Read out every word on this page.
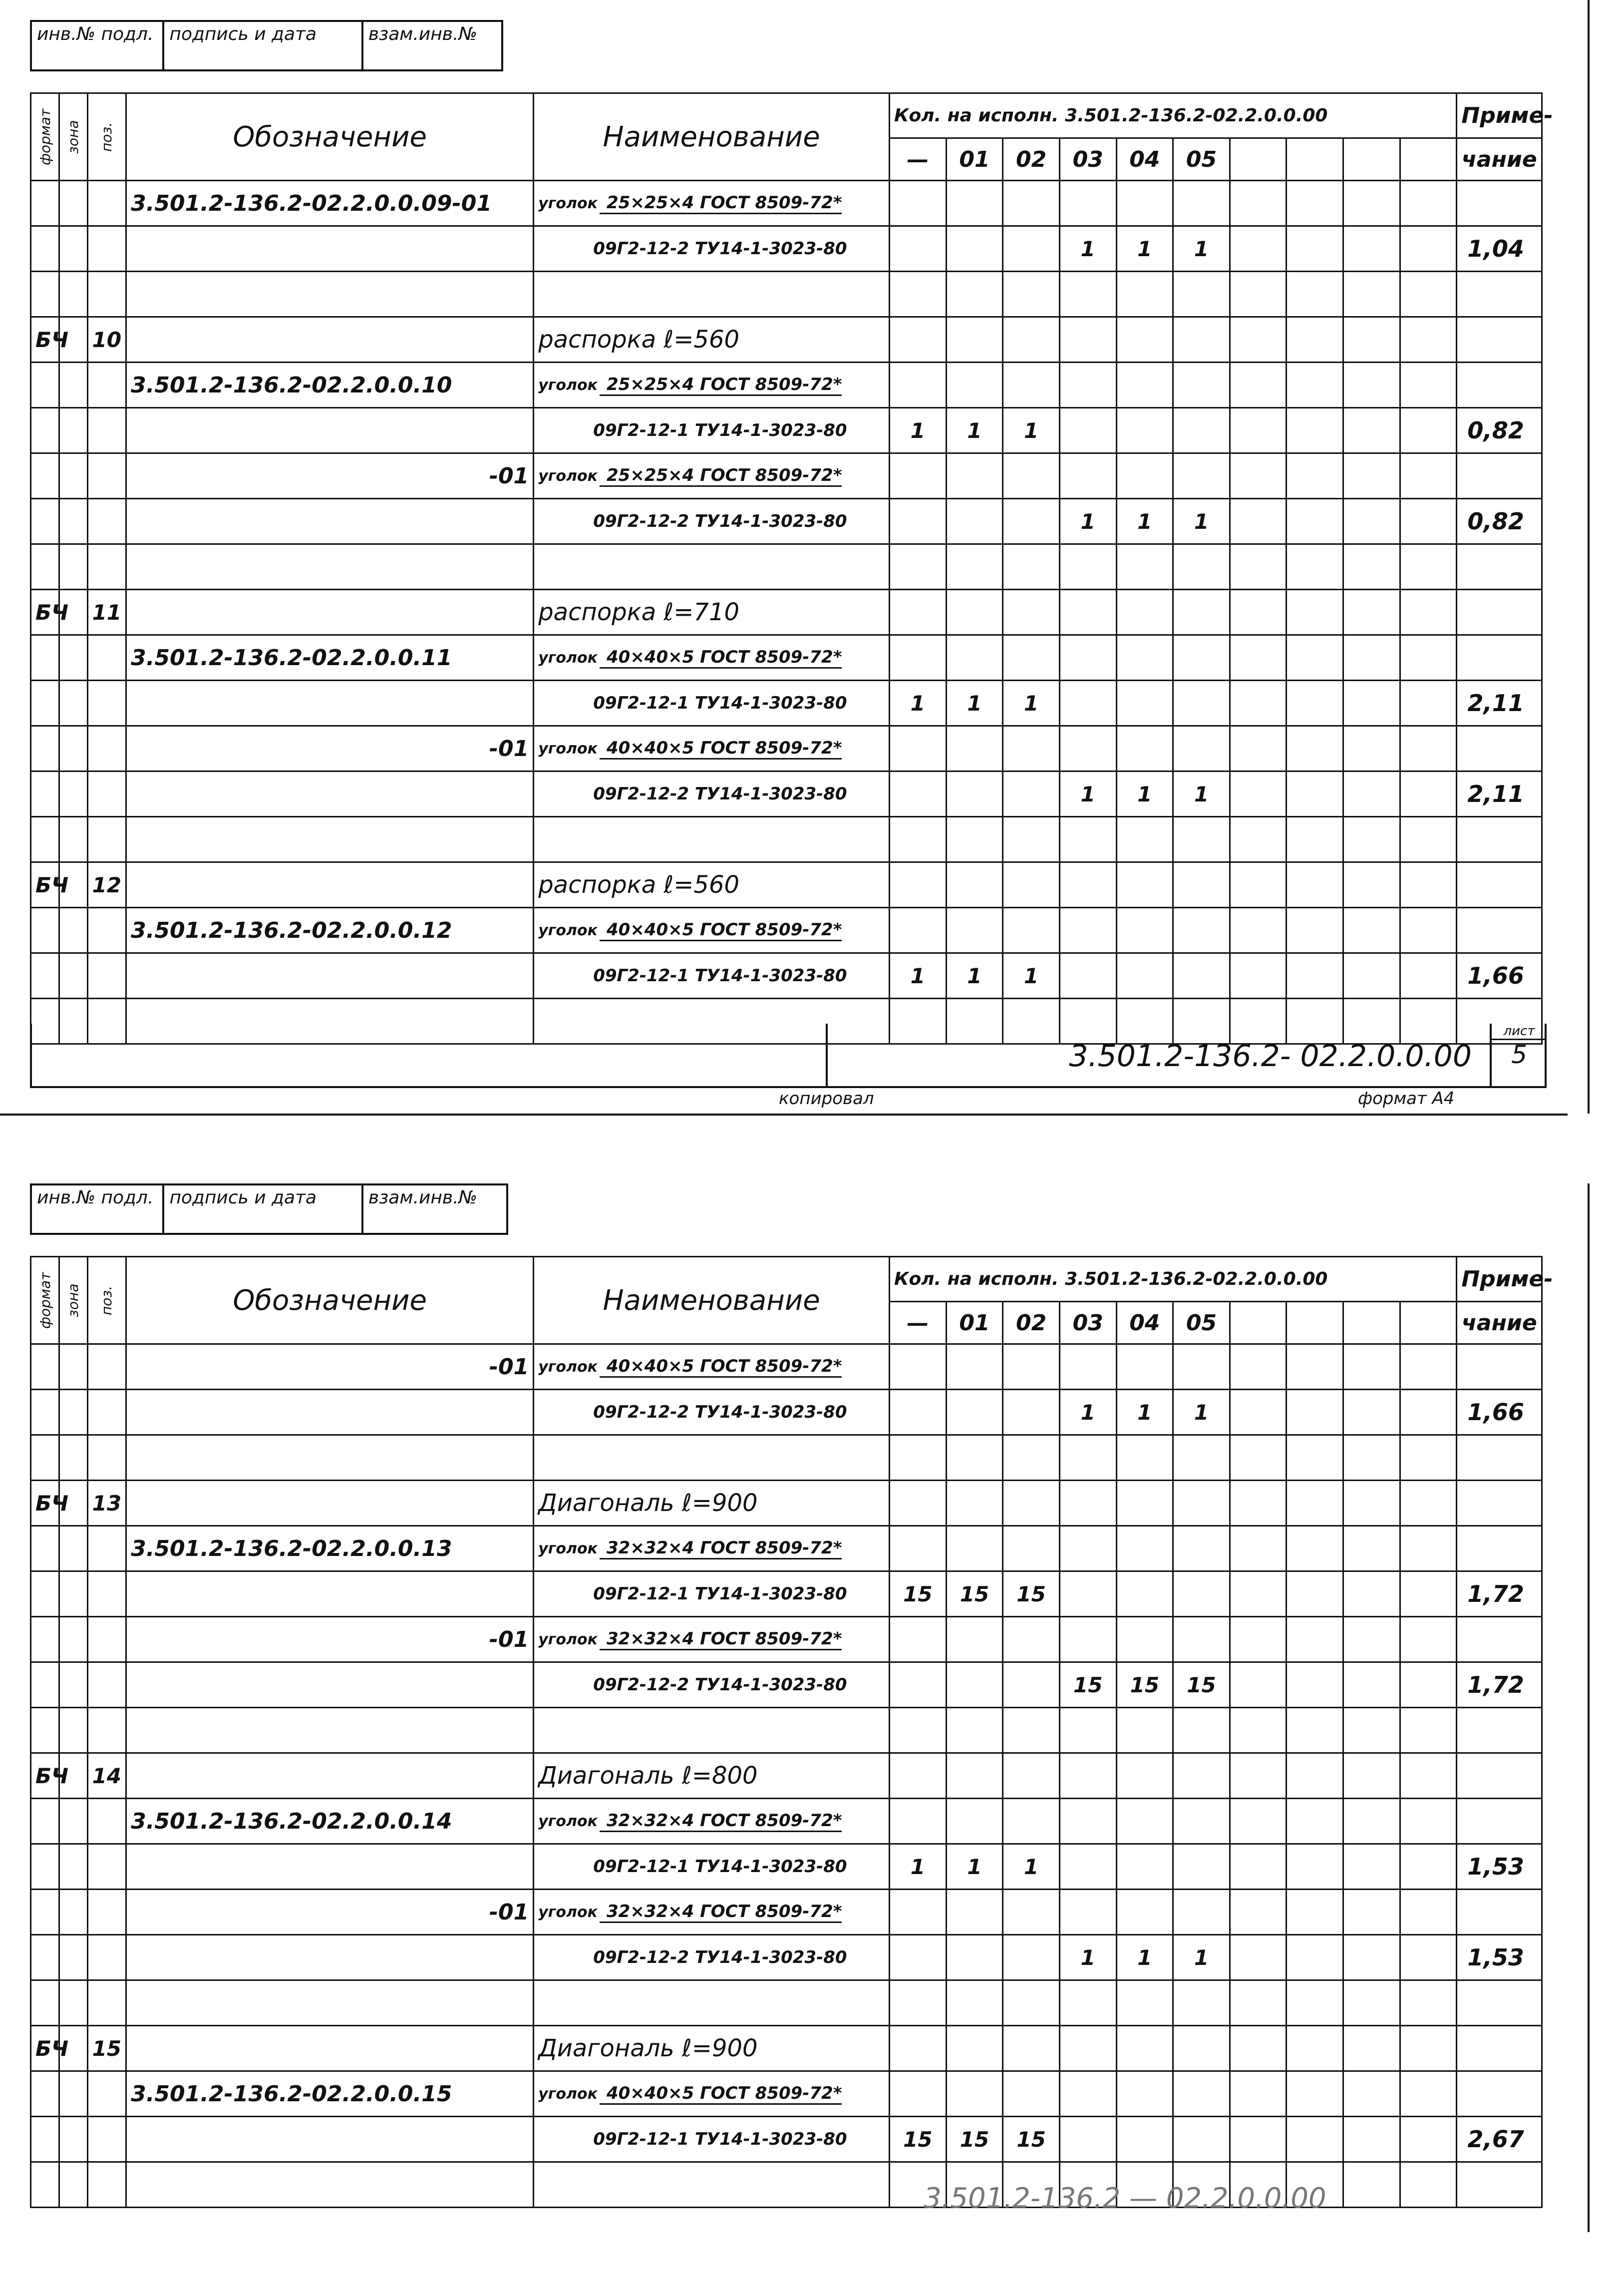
инв.№ подл. подпись и дата	взам.инв.№
формат	зона	поз.	Обозначение	Наименование	Кол. на исполн. 3.501.2-136.2-02.2.0.0.00										Приме-
					—	01	02	03	04	05					чание
			3.501.2-136.2-02.2.0.0.09-01	уголок 25×25×4 ГОСТ 8509-72*											

				09Г2-12-2 ТУ14-1-3023-80				1	1	1					1,04

БЧ		10		распорка ℓ=560											
			3.501.2-136.2-02.2.0.0.10	уголок 25×25×4 ГОСТ 8509-72*											

				09Г2-12-1 ТУ14-1-3023-80	1	1	1								0,82
			-01	уголок 25×25×4 ГОСТ 8509-72*											

				09Г2-12-2 ТУ14-1-3023-80				1	1	1					0,82

БЧ		11		распорка ℓ=710											
			3.501.2-136.2-02.2.0.0.11	уголок 40×40×5 ГОСТ 8509-72*											

				09Г2-12-1 ТУ14-1-3023-80	1	1	1								2,11
			-01	уголок 40×40×5 ГОСТ 8509-72*											

				09Г2-12-2 ТУ14-1-3023-80				1	1	1					2,11

БЧ		12		распорка ℓ=560											
			3.501.2-136.2-02.2.0.0.12	уголок 40×40×5 ГОСТ 8509-72*											

				09Г2-12-1 ТУ14-1-3023-80	1	1	1								1,66

3.501.2-136.2- 02.2.0.0.00
лист
5
копировал	формат А4
инв.№ подл. подпись и дата	взам.инв.№
формат	зона	поз.	Обозначение	Наименование	Кол. на исполн. 3.501.2-136.2-02.2.0.0.00										Приме-
					—	01	02	03	04	05					чание
			-01	уголок 40×40×5 ГОСТ 8509-72*											

				09Г2-12-2 ТУ14-1-3023-80				1	1	1					1,66

БЧ		13		Диагональ ℓ=900											
			3.501.2-136.2-02.2.0.0.13	уголок 32×32×4 ГОСТ 8509-72*											

				09Г2-12-1 ТУ14-1-3023-80	15	15	15								1,72
			-01	уголок 32×32×4 ГОСТ 8509-72*											

				09Г2-12-2 ТУ14-1-3023-80				15	15	15					1,72

БЧ		14		Диагональ ℓ=800											
			3.501.2-136.2-02.2.0.0.14	уголок 32×32×4 ГОСТ 8509-72*											

				09Г2-12-1 ТУ14-1-3023-80	1	1	1								1,53
			-01	уголок 32×32×4 ГОСТ 8509-72*											

				09Г2-12-2 ТУ14-1-3023-80				1	1	1					1,53

БЧ		15		Диагональ ℓ=900											
			3.501.2-136.2-02.2.0.0.15	уголок 40×40×5 ГОСТ 8509-72*											

				09Г2-12-1 ТУ14-1-3023-80	15	15	15								2,67

3.501.2-136.2 — 02.2.0.0.00
